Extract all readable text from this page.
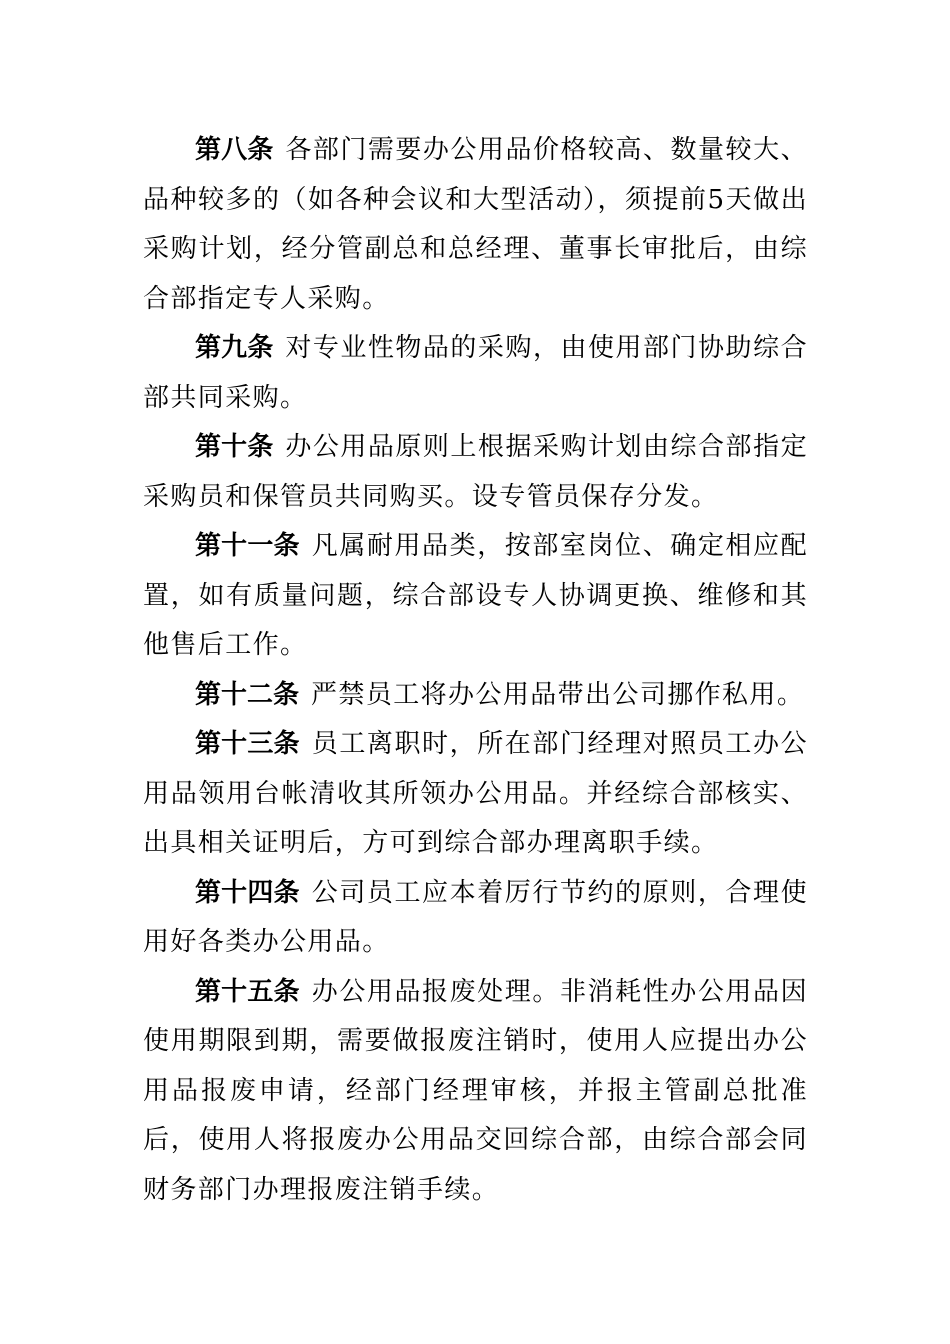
第八条 各部门需要办公用品价格较高、数量较大、品种较多的（如各种会议和大型活动），须提前5天做出采购计划，经分管副总和总经理、董事长审批后，由综合部指定专人采购。

第九条 对专业性物品的采购，由使用部门协助综合部共同采购。

第十条 办公用品原则上根据采购计划由综合部指定采购员和保管员共同购买。设专管员保存分发。

第十一条 凡属耐用品类，按部室岗位、确定相应配置，如有质量问题，综合部设专人协调更换、维修和其他售后工作。

第十二条 严禁员工将办公用品带出公司挪作私用。

第十三条 员工离职时，所在部门经理对照员工办公用品领用台帐清收其所领办公用品。并经综合部核实、出具相关证明后，方可到综合部办理离职手续。

第十四条 公司员工应本着厉行节约的原则，合理使用好各类办公用品。

第十五条 办公用品报废处理。非消耗性办公用品因使用期限到期，需要做报废注销时，使用人应提出办公用品报废申请，经部门经理审核，并报主管副总批准后，使用人将报废办公用品交回综合部，由综合部会同财务部门办理报废注销手续。
